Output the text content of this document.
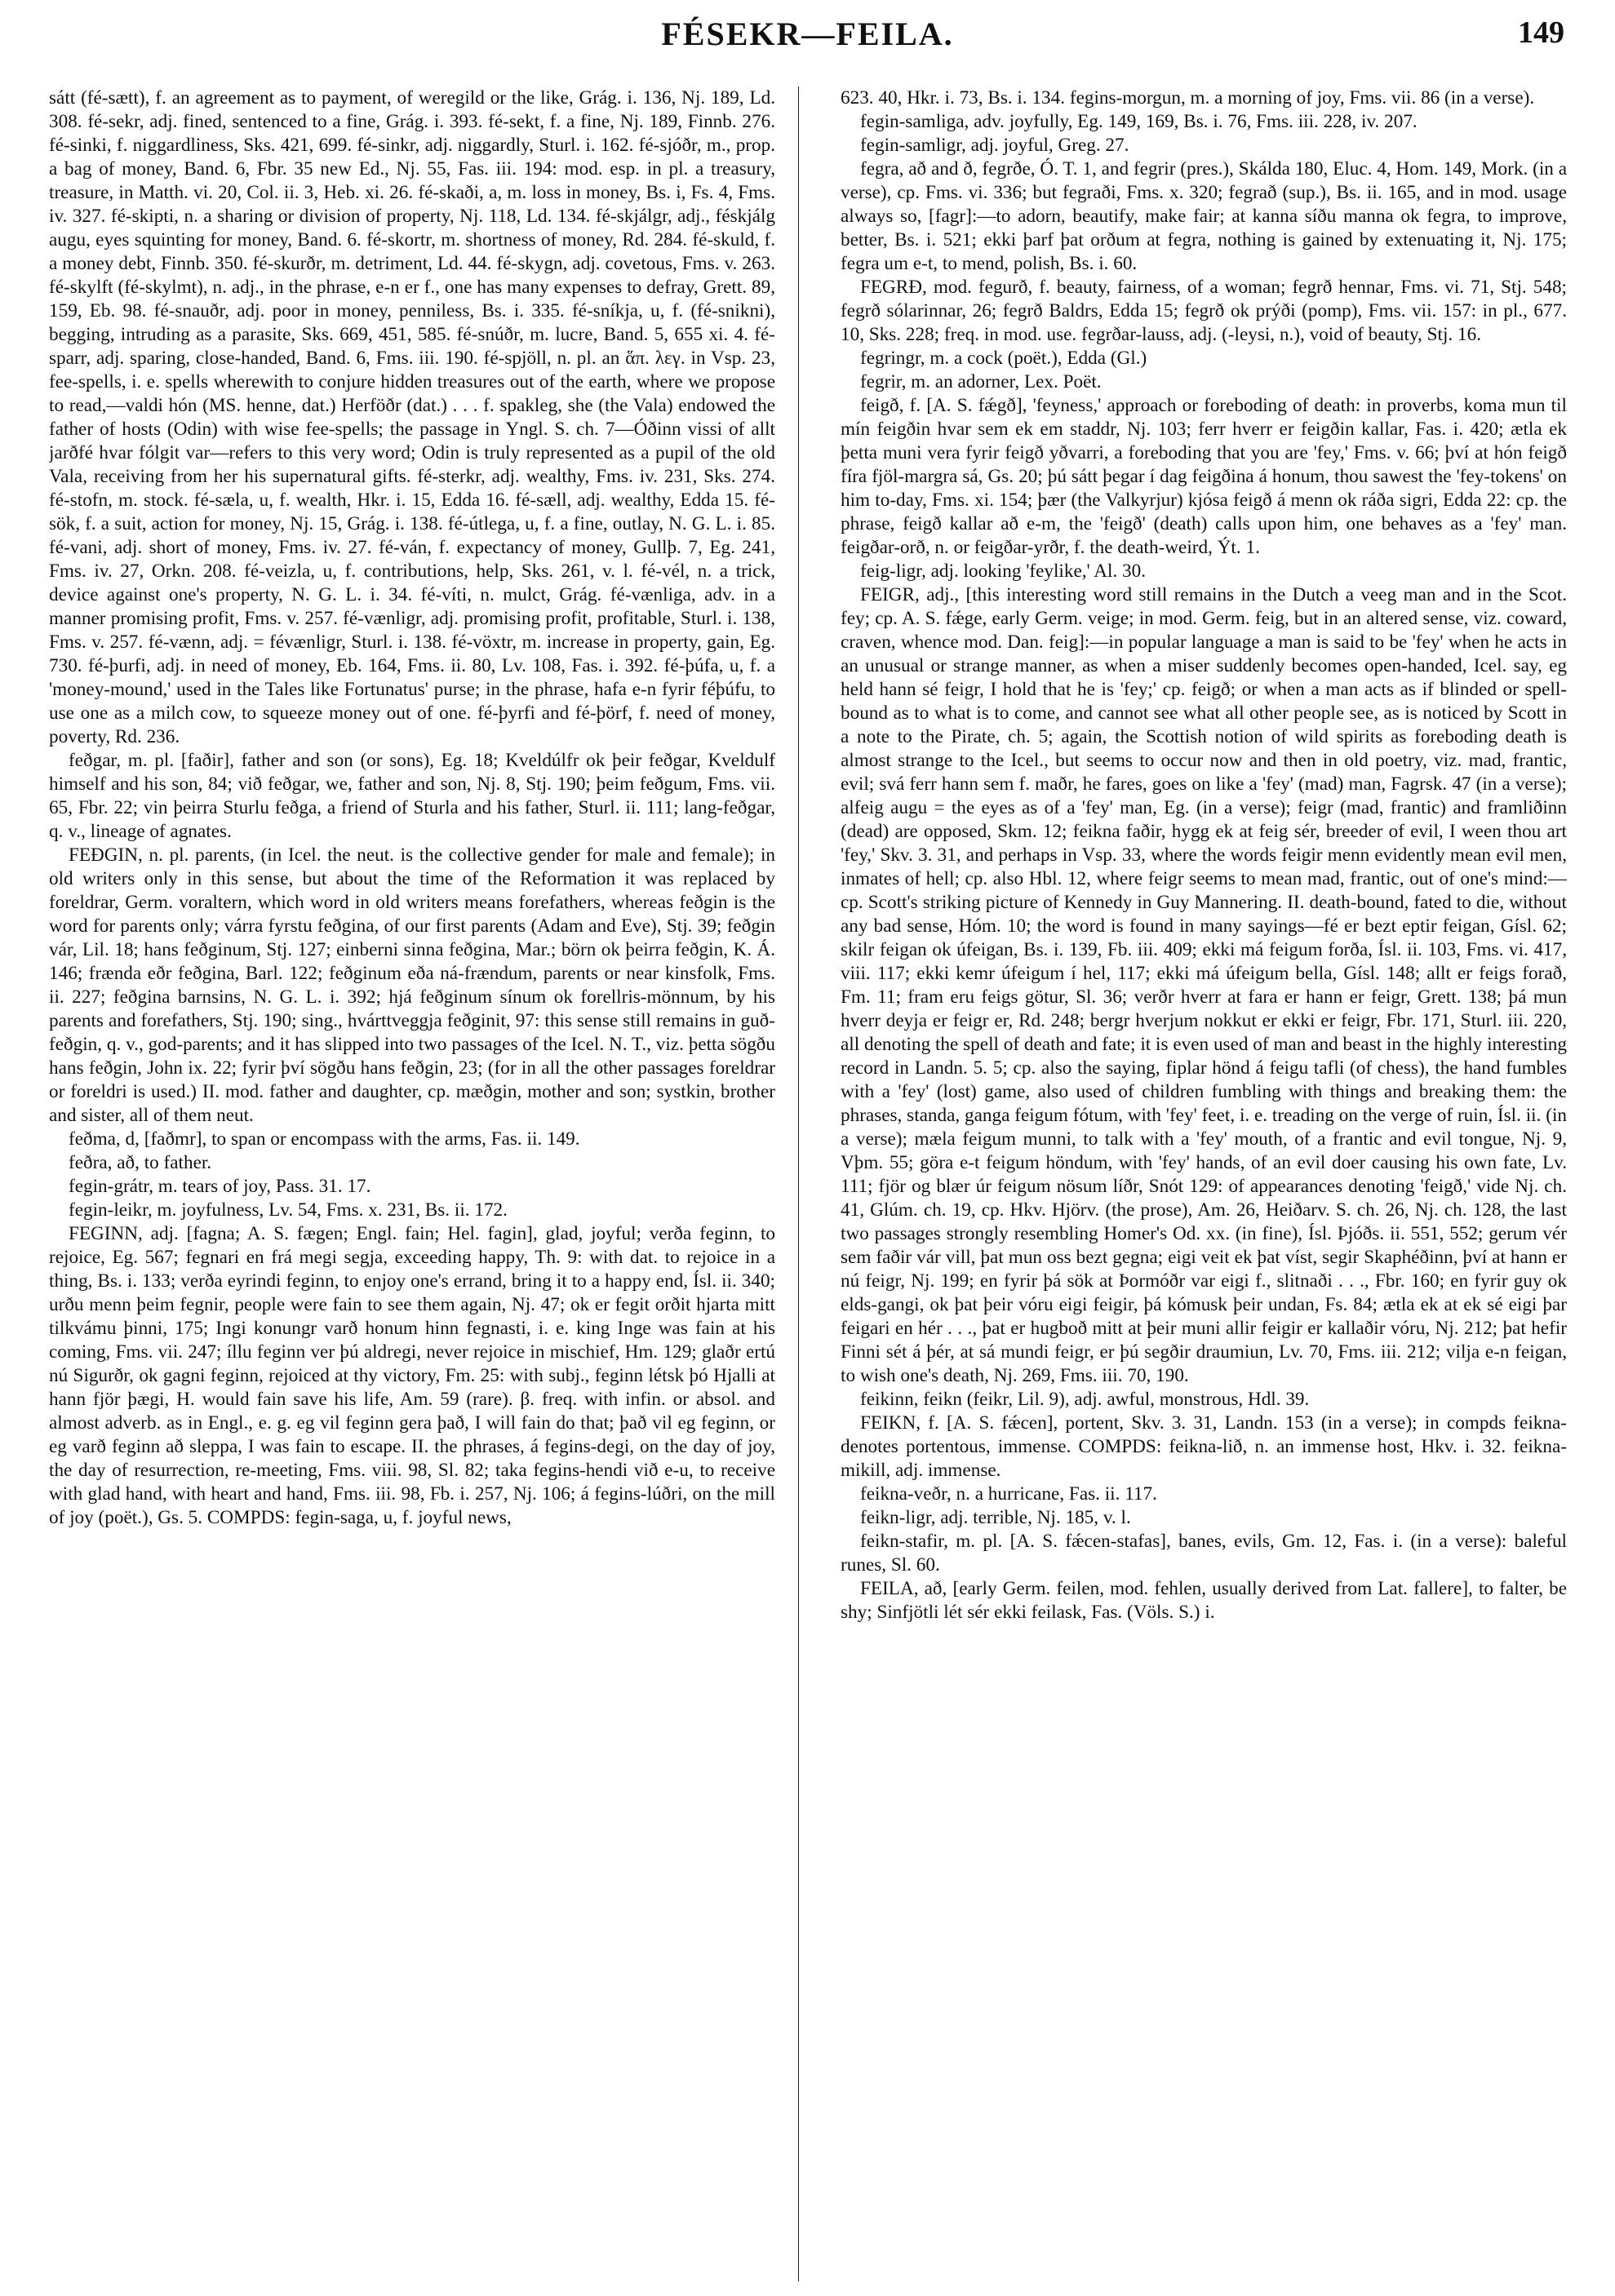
FÉSEKR—FEILA.	149

sátt (fé-sætt), f. an agreement as to payment, of weregild or the like, Grág. i. 136, Nj. 189, Ld. 308. fé-sekr, adj. fined, sentenced to a fine, Grág. i. 393. fé-sekt, f. a fine, Nj. 189, Finnb. 276. fé-sinki, f. niggardliness, Sks. 421, 699. fé-sinkr, adj. niggardly, Sturl. i. 162. fé-sjóðr, m., prop. a bag of money, Band. 6, Fbr. 35 new Ed., Nj. 55, Fas. iii. 194: mod. esp. in pl. a treasury, treasure, in Matth. vi. 20, Col. ii. 3, Heb. xi. 26. fé-skaði, a, m. loss in money, Bs. i, Fs. 4, Fms. iv. 327. fé-skipti, n. a sharing or division of property, Nj. 118, Ld. 134. fé-skjálgr, adj., féskjálg augu, eyes squinting for money, Band. 6. fé-skortr, m. shortness of money, Rd. 284. fé-skuld, f. a money debt, Finnb. 350. fé-skurðr, m. detriment, Ld. 44. fé-skygn, adj. covetous, Fms. v. 263. fé-skylft (fé-skylmt), n. adj., in the phrase, e-n er f., one has many expenses to defray, Grett. 89, 159, Eb. 98. fé-snauðr, adj. poor in money, penniless, Bs. i. 335. fé-sníkja, u, f. (fé-snikni), begging, intruding as a parasite, Sks. 669, 451, 585. fé-snúðr, m. lucre, Band. 5, 655 xi. 4. fé-sparr, adj. sparing, close-handed, Band. 6, Fms. iii. 190. fé-spjöll, n. pl. an ἅπ. λεγ. in Vsp. 23, fee-spells, i. e. spells wherewith to conjure hidden treasures out of the earth, where we propose to read,—valdi hón (MS. henne, dat.) Herföðr (dat.) . . . f. spakleg, she (the Vala) endowed the father of hosts (Odin) with wise fee-spells; the passage in Yngl. S. ch. 7—Óðinn vissi of allt jarðfé hvar fólgit var—refers to this very word; Odin is truly represented as a pupil of the old Vala, receiving from her his supernatural gifts. fé-sterkr, adj. wealthy, Fms. iv. 231, Sks. 274. fé-stofn, m. stock. fé-sæla, u, f. wealth, Hkr. i. 15, Edda 16. fé-sæll, adj. wealthy, Edda 15. fé-sök, f. a suit, action for money, Nj. 15, Grág. i. 138. fé-útlega, u, f. a fine, outlay, N. G. L. i. 85. fé-vani, adj. short of money, Fms. iv. 27. fé-ván, f. expectancy of money, Gullþ. 7, Eg. 241, Fms. iv. 27, Orkn. 208. fé-veizla, u, f. contributions, help, Sks. 261, v. l. fé-vél, n. a trick, device against one's property, N. G. L. i. 34. fé-víti, n. mulct, Grág. fé-vænliga, adv. in a manner promising profit, Fms. v. 257. fé-vænligr, adj. promising profit, profitable, Sturl. i. 138, Fms. v. 257. fé-vænn, adj. = févænligr, Sturl. i. 138. fé-vöxtr, m. increase in property, gain, Eg. 730. fé-þurfi, adj. in need of money, Eb. 164, Fms. ii. 80, Lv. 108, Fas. i. 392. fé-þúfa, u, f. a 'money-mound,' used in the Tales like Fortunatus' purse; in the phrase, hafa e-n fyrir féþúfu, to use one as a milch cow, to squeeze money out of one. fé-þyrfi and fé-þörf, f. need of money, poverty, Rd. 236.

feðgar, m. pl. [faðir], father and son (or sons), Eg. 18; Kveldúlfr ok þeir feðgar, Kveldulf himself and his son, 84; við feðgar, we, father and son, Nj. 8, Stj. 190; þeim feðgum, Fms. vii. 65, Fbr. 22; vin þeirra Sturlu feðga, a friend of Sturla and his father, Sturl. ii. 111; lang-feðgar, q. v., lineage of agnates.

FEÐGIN, n. pl. parents, (in Icel. the neut. is the collective gender for male and female); in old writers only in this sense, but about the time of the Reformation it was replaced by foreldrar, Germ. voraltern, which word in old writers means forefathers, whereas feðgin is the word for parents only; várra fyrstu feðgina, of our first parents (Adam and Eve), Stj. 39; feðgin vár, Lil. 18; hans feðginum, Stj. 127; einberni sinna feðgina, Mar.; börn ok þeirra feðgin, K. Á. 146; frænda eðr feðgina, Barl. 122; feðginum eða ná-frændum, parents or near kinsfolk, Fms. ii. 227; feðgina barnsins, N. G. L. i. 392; hjá feðginum sínum ok forellris-mönnum, by his parents and forefathers, Stj. 190; sing., hvárttveggja feðginit, 97: this sense still remains in guð-feðgin, q. v., god-parents; and it has slipped into two passages of the Icel. N. T., viz. þetta sögðu hans feðgin, John ix. 22; fyrir því sögðu hans feðgin, 23; (for in all the other passages foreldrar or foreldri is used.) II. mod. father and daughter, cp. mæðgin, mother and son; systkin, brother and sister, all of them neut.

feðma, d, [faðmr], to span or encompass with the arms, Fas. ii. 149.

feðra, að, to father.

fegin-grátr, m. tears of joy, Pass. 31. 17.

fegin-leikr, m. joyfulness, Lv. 54, Fms. x. 231, Bs. ii. 172.

FEGINN, adj. [fagna; A. S. fægen; Engl. fain; Hel. fagin], glad, joyful; verða feginn, to rejoice, Eg. 567; fegnari en frá megi segja, exceeding happy, Th. 9: with dat. to rejoice in a thing, Bs. i. 133; verða eyrindi feginn, to enjoy one's errand, bring it to a happy end, Ísl. ii. 340; urðu menn þeim fegnir, people were fain to see them again, Nj. 47; ok er fegit orðit hjarta mitt tilkvámu þinni, 175; Ingi konungr varð honum hinn fegnasti, i. e. king Inge was fain at his coming, Fms. vii. 247; íllu feginn ver þú aldregi, never rejoice in mischief, Hm. 129; glaðr ertú nú Sigurðr, ok gagni feginn, rejoiced at thy victory, Fm. 25: with subj., feginn létsk þó Hjalli at hann fjör þægi, H. would fain save his life, Am. 59 (rare). β. freq. with infin. or absol. and almost adverb. as in Engl., e. g. eg vil feginn gera það, I will fain do that; það vil eg feginn, or eg varð feginn að sleppa, I was fain to escape. II. the phrases, á fegins-degi, on the day of joy, the day of resurrection, re-meeting, Fms. viii. 98, Sl. 82; taka fegins-hendi við e-u, to receive with glad hand, with heart and hand, Fms. iii. 98, Fb. i. 257, Nj. 106; á fegins-lúðri, on the mill of joy (poët.), Gs. 5. COMPDS: fegin-saga, u, f. joyful news,

623. 40, Hkr. i. 73, Bs. i. 134. fegins-morgun, m. a morning of joy, Fms. vii. 86 (in a verse).

fegin-samliga, adv. joyfully, Eg. 149, 169, Bs. i. 76, Fms. iii. 228, iv. 207.

fegin-samligr, adj. joyful, Greg. 27.

fegra, að and ð, fegrðe, Ó. T. 1, and fegrir (pres.), Skálda 180, Eluc. 4, Hom. 149, Mork. (in a verse), cp. Fms. vi. 336; but fegraði, Fms. x. 320; fegrað (sup.), Bs. ii. 165, and in mod. usage always so, [fagr]:—to adorn, beautify, make fair; at kanna síðu manna ok fegra, to improve, better, Bs. i. 521; ekki þarf þat orðum at fegra, nothing is gained by extenuating it, Nj. 175; fegra um e-t, to mend, polish, Bs. i. 60.

FEGRÐ, mod. fegurð, f. beauty, fairness, of a woman; fegrð hennar, Fms. vi. 71, Stj. 548; fegrð sólarinnar, 26; fegrð Baldrs, Edda 15; fegrð ok prýði (pomp), Fms. vii. 157: in pl., 677. 10, Sks. 228; freq. in mod. use. fegrðar-lauss, adj. (-leysi, n.), void of beauty, Stj. 16.

fegringr, m. a cock (poët.), Edda (Gl.)

fegrir, m. an adorner, Lex. Poët.

feigð, f. [A. S. fǽgð], 'feyness,' approach or foreboding of death: in proverbs, koma mun til mín feigðin hvar sem ek em staddr, Nj. 103; ferr hverr er feigðin kallar, Fas. i. 420; ætla ek þetta muni vera fyrir feigð yðvarri, a foreboding that you are 'fey,' Fms. v. 66; því at hón feigð fíra fjöl-margra sá, Gs. 20; þú sátt þegar í dag feigðina á honum, thou sawest the 'fey-tokens' on him to-day, Fms. xi. 154; þær (the Valkyrjur) kjósa feigð á menn ok ráða sigri, Edda 22: cp. the phrase, feigð kallar að e-m, the 'feigð' (death) calls upon him, one behaves as a 'fey' man. feigðar-orð, n. or feigðar-yrðr, f. the death-weird, Ýt. 1.

feig-ligr, adj. looking 'feylike,' Al. 30.

FEIGR, adj., [this interesting word still remains in the Dutch a veeg man and in the Scot. fey; cp. A. S. fǽge, early Germ. veige; in mod. Germ. feig, but in an altered sense, viz. coward, craven, whence mod. Dan. feig]:—in popular language a man is said to be 'fey' when he acts in an unusual or strange manner, as when a miser suddenly becomes open-handed, Icel. say, eg held hann sé feigr, I hold that he is 'fey;' cp. feigð; or when a man acts as if blinded or spell-bound as to what is to come, and cannot see what all other people see, as is noticed by Scott in a note to the Pirate, ch. 5; again, the Scottish notion of wild spirits as foreboding death is almost strange to the Icel., but seems to occur now and then in old poetry, viz. mad, frantic, evil; svá ferr hann sem f. maðr, he fares, goes on like a 'fey' (mad) man, Fagrsk. 47 (in a verse); alfeig augu = the eyes as of a 'fey' man, Eg. (in a verse); feigr (mad, frantic) and framliðinn (dead) are opposed, Skm. 12; feikna faðir, hygg ek at feig sér, breeder of evil, I ween thou art 'fey,' Skv. 3. 31, and perhaps in Vsp. 33, where the words feigir menn evidently mean evil men, inmates of hell; cp. also Hbl. 12, where feigr seems to mean mad, frantic, out of one's mind:—cp. Scott's striking picture of Kennedy in Guy Mannering. II. death-bound, fated to die, without any bad sense, Hóm. 10; the word is found in many sayings—fé er bezt eptir feigan, Gísl. 62; skilr feigan ok úfeigan, Bs. i. 139, Fb. iii. 409; ekki má feigum forða, Ísl. ii. 103, Fms. vi. 417, viii. 117; ekki kemr úfeigum í hel, 117; ekki má úfeigum bella, Gísl. 148; allt er feigs forað, Fm. 11; fram eru feigs götur, Sl. 36; verðr hverr at fara er hann er feigr, Grett. 138; þá mun hverr deyja er feigr er, Rd. 248; bergr hverjum nokkut er ekki er feigr, Fbr. 171, Sturl. iii. 220, all denoting the spell of death and fate; it is even used of man and beast in the highly interesting record in Landn. 5. 5; cp. also the saying, fiplar hönd á feigu tafli (of chess), the hand fumbles with a 'fey' (lost) game, also used of children fumbling with things and breaking them: the phrases, standa, ganga feigum fótum, with 'fey' feet, i. e. treading on the verge of ruin, Ísl. ii. (in a verse); mæla feigum munni, to talk with a 'fey' mouth, of a frantic and evil tongue, Nj. 9, Vþm. 55; göra e-t feigum höndum, with 'fey' hands, of an evil doer causing his own fate, Lv. 111; fjör og blær úr feigum nösum líðr, Snót 129: of appearances denoting 'feigð,' vide Nj. ch. 41, Glúm. ch. 19, cp. Hkv. Hjörv. (the prose), Am. 26, Heiðarv. S. ch. 26, Nj. ch. 128, the last two passages strongly resembling Homer's Od. xx. (in fine), Ísl. Þjóðs. ii. 551, 552; gerum vér sem faðir vár vill, þat mun oss bezt gegna; eigi veit ek þat víst, segir Skaphéðinn, því at hann er nú feigr, Nj. 199; en fyrir þá sök at Þormóðr var eigi f., slitnaði . . ., Fbr. 160; en fyrir guy ok elds-gangi, ok þat þeir vóru eigi feigir, þá kómusk þeir undan, Fs. 84; ætla ek at ek sé eigi þar feigari en hér . . ., þat er hugboð mitt at þeir muni allir feigir er kallaðir vóru, Nj. 212; þat hefir Finni sét á þér, at sá mundi feigr, er þú segðir draumiun, Lv. 70, Fms. iii. 212; vilja e-n feigan, to wish one's death, Nj. 269, Fms. iii. 70, 190.

feikinn, feikn (feikr, Lil. 9), adj. awful, monstrous, Hdl. 39.

FEIKN, f. [A. S. fǽcen], portent, Skv. 3. 31, Landn. 153 (in a verse); in compds feikna- denotes portentous, immense. COMPDS: feikna-lið, n. an immense host, Hkv. i. 32. feikna-mikill, adj. immense.

feikna-veðr, n. a hurricane, Fas. ii. 117.

feikn-ligr, adj. terrible, Nj. 185, v. l.

feikn-stafir, m. pl. [A. S. fǽcen-stafas], banes, evils, Gm. 12, Fas. i. (in a verse): baleful runes, Sl. 60.

FEILA, að, [early Germ. feilen, mod. fehlen, usually derived from Lat. fallere], to falter, be shy; Sinfjötli lét sér ekki feilask, Fas. (Völs. S.) i.
